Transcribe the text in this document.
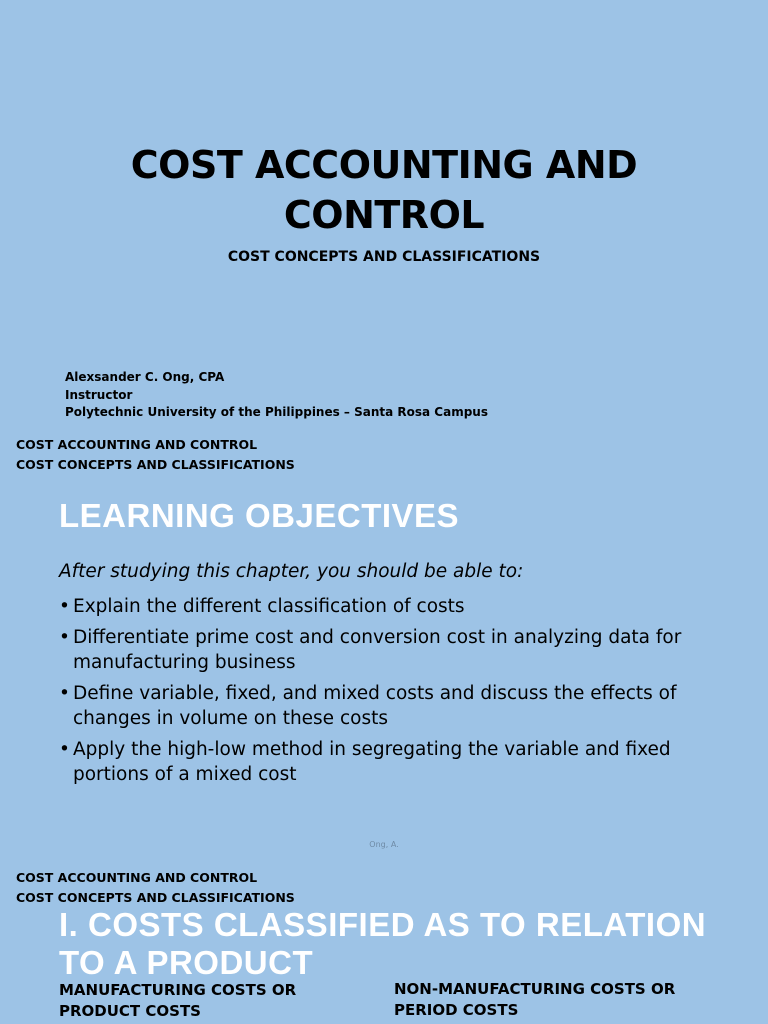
COST ACCOUNTING AND
CONTROL

COST CONCEPTS AND CLASSIFICATIONS

Alexsander C. Ong, CPA
Instructor
Polytechnic University of the Philippines – Santa Rosa Campus
COST ACCOUNTING AND CONTROL
COST CONCEPTS AND CLASSIFICATIONS
LEARNING OBJECTIVES
After studying this chapter, you should be able to:
• Explain the different classification of costs
• Differentiate prime cost and conversion cost in analyzing data for manufacturing business
• Define variable, fixed, and mixed costs and discuss the effects of changes in volume on these costs
• Apply the high-low method in segregating the variable and fixed portions of a mixed cost
Ong, A.
COST ACCOUNTING AND CONTROL
COST CONCEPTS AND CLASSIFICATIONS
I. COSTS CLASSIFIED AS TO RELATION TO A PRODUCT
MANUFACTURING COSTS OR PRODUCT COSTS
NON-MANUFACTURING COSTS OR PERIOD COSTS
